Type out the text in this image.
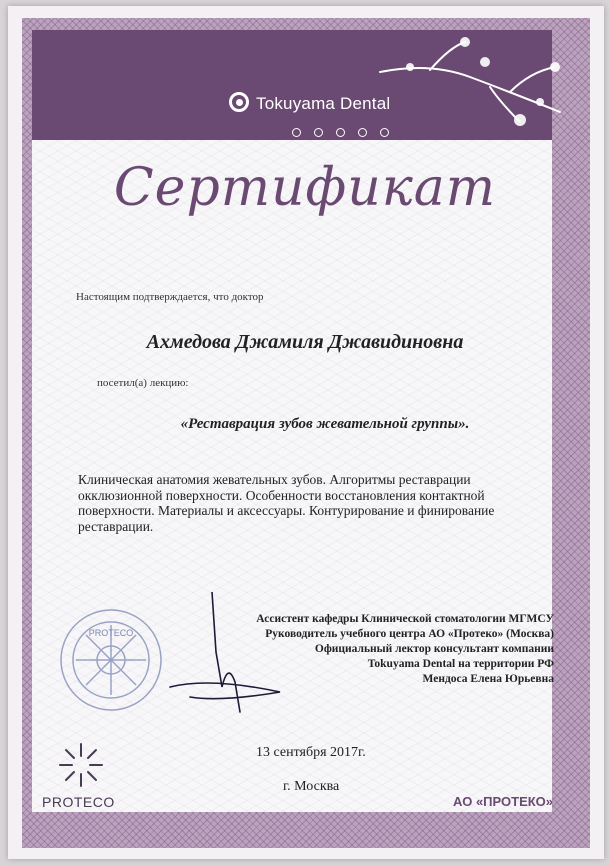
Tokuyama Dental
Сертификат
Настоящим подтверждается, что доктор
Ахмедова Джамиля Джавидиновна
посетил(а) лекцию:
«Реставрация зубов жевательной группы».
Клиническая анатомия жевательных зубов. Алгоритмы реставрации окклюзионной поверхности. Особенности восстановления контактной поверхности. Материалы и аксессуары. Контурирование и финирование реставрации.
Ассистент кафедры Клинической стоматологии МГМСУ
Руководитель учебного центра АО «Протеко» (Москва)
Официальный лектор консультант компании
Tokuyama Dental на территории РФ
Мендоса Елена Юрьевна
PROTECO
13 сентября 2017г.
г. Москва
PROTECO	АО «ПРОТЕКО»
